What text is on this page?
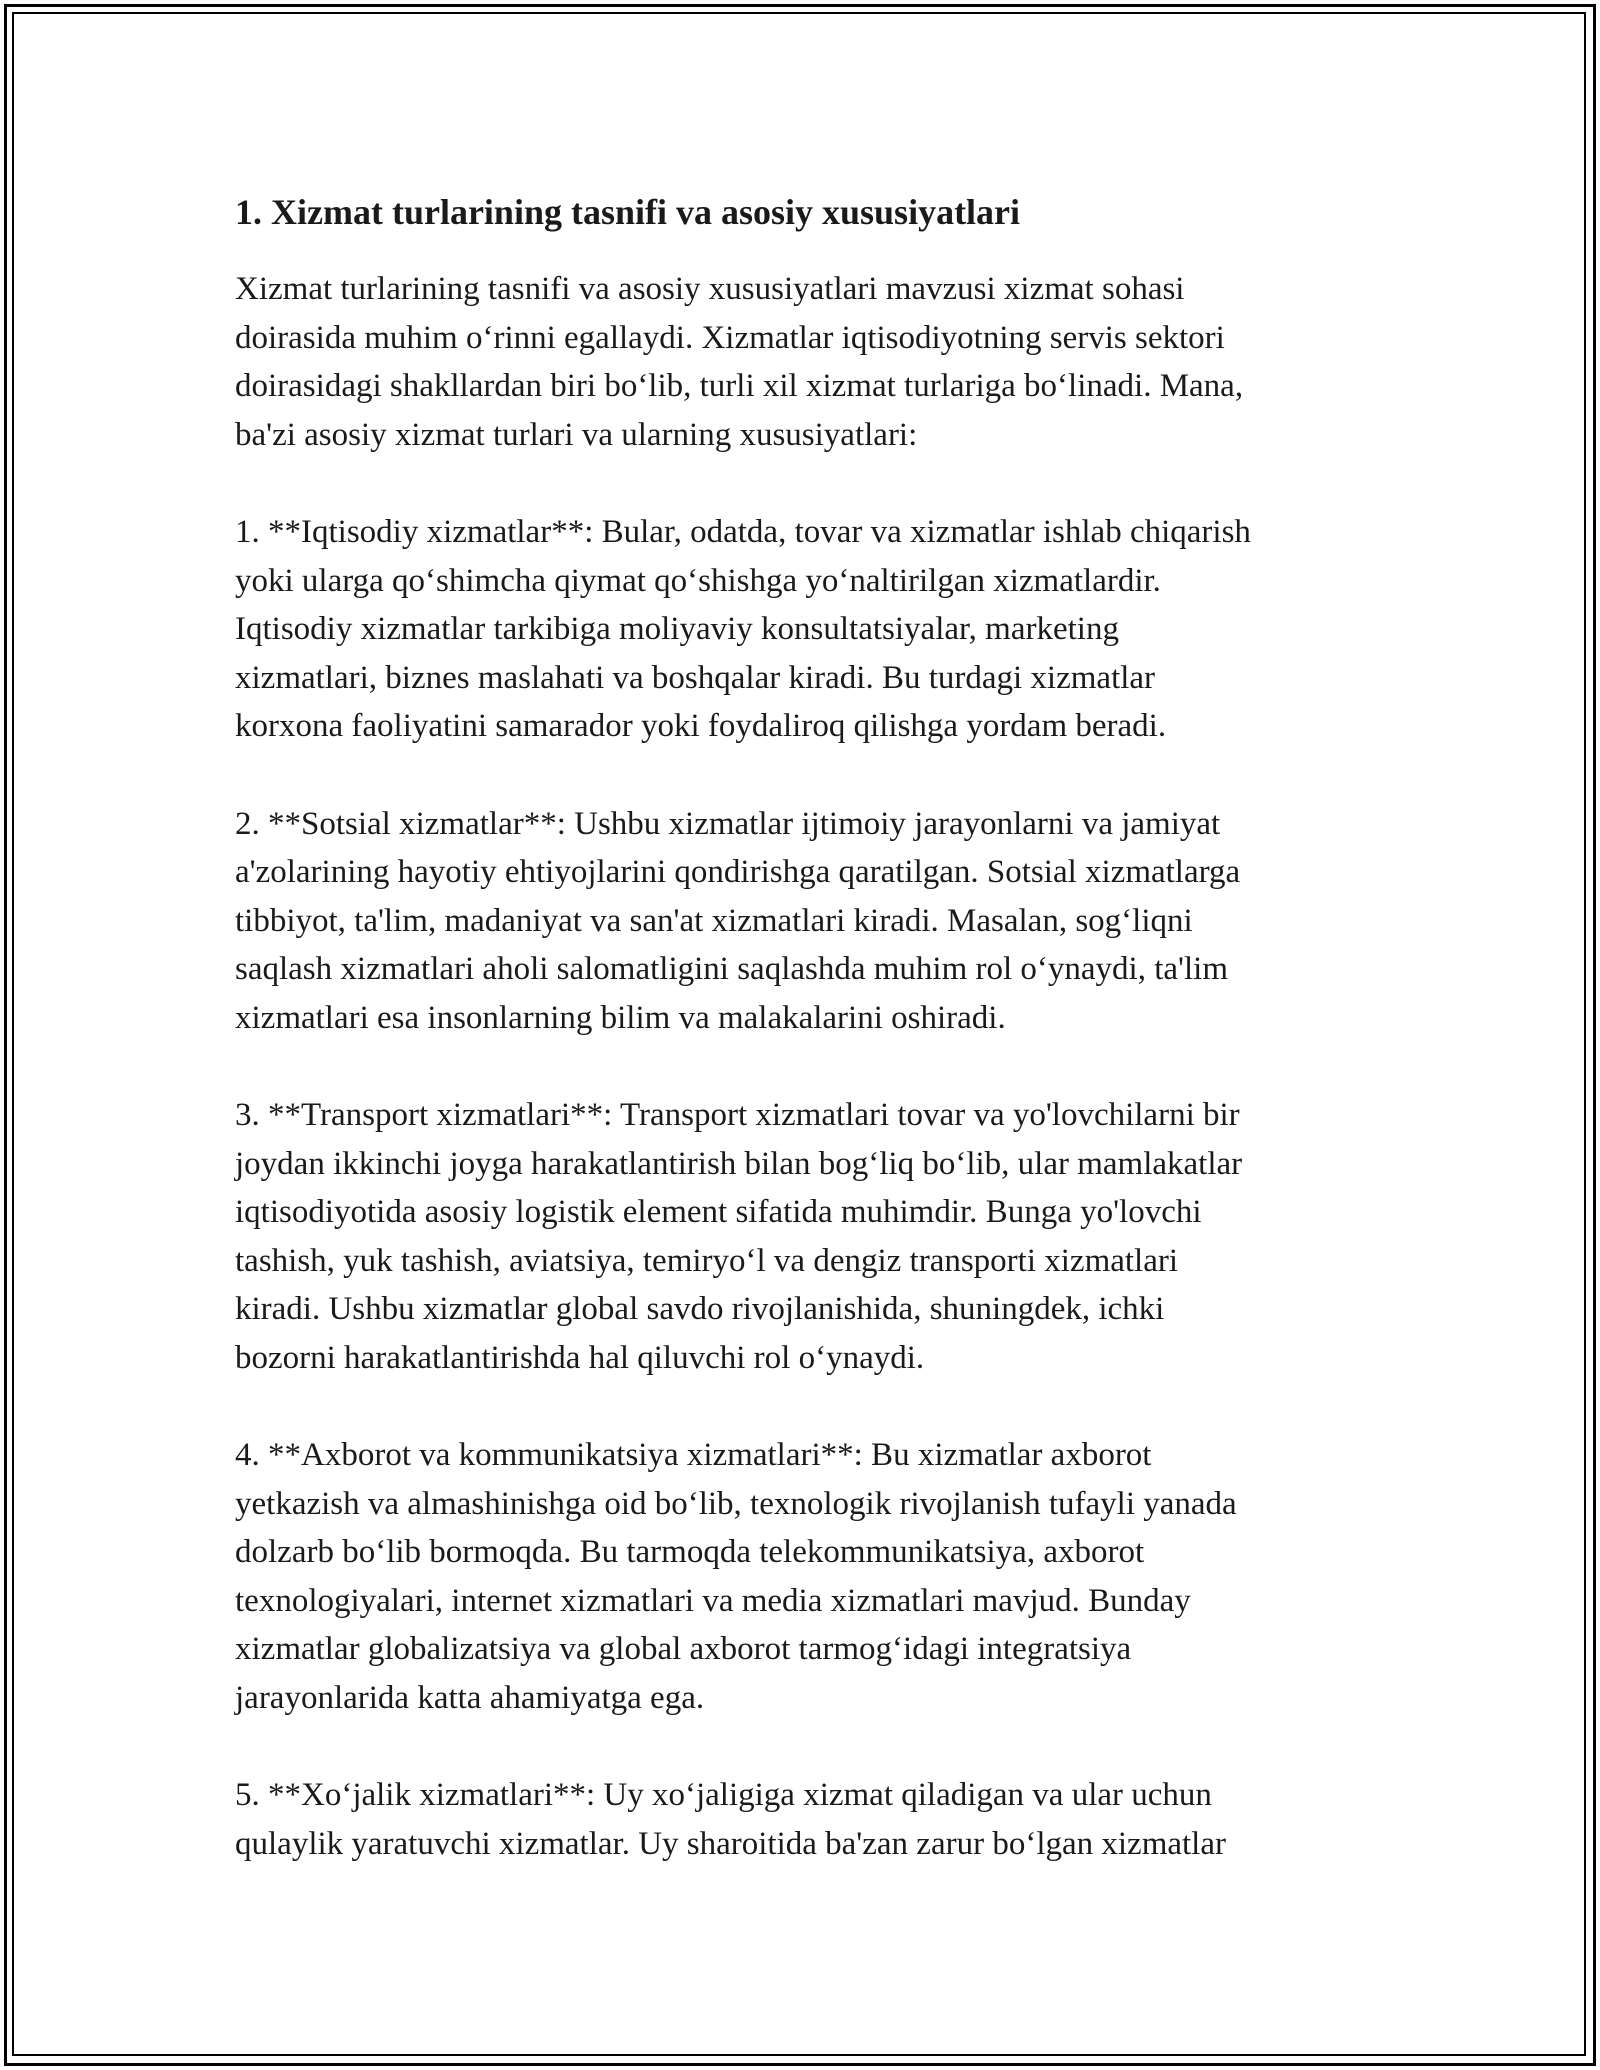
1. Xizmat turlarining tasnifi va asosiy xususiyatlari
Xizmat turlarining tasnifi va asosiy xususiyatlari mavzusi xizmat sohasi
doirasida muhim o‘rinni egallaydi. Xizmatlar iqtisodiyotning servis sektori
doirasidagi shakllardan biri bo‘lib, turli xil xizmat turlariga bo‘linadi. Mana,
ba'zi asosiy xizmat turlari va ularning xususiyatlari:
1. **Iqtisodiy xizmatlar**: Bular, odatda, tovar va xizmatlar ishlab chiqarish
yoki ularga qo‘shimcha qiymat qo‘shishga yo‘naltirilgan xizmatlardir.
Iqtisodiy xizmatlar tarkibiga moliyaviy konsultatsiyalar, marketing
xizmatlari, biznes maslahati va boshqalar kiradi. Bu turdagi xizmatlar
korxona faoliyatini samarador yoki foydaliroq qilishga yordam beradi.
2. **Sotsial xizmatlar**: Ushbu xizmatlar ijtimoiy jarayonlarni va jamiyat
a'zolarining hayotiy ehtiyojlarini qondirishga qaratilgan. Sotsial xizmatlarga
tibbiyot, ta'lim, madaniyat va san'at xizmatlari kiradi. Masalan, sog‘liqni
saqlash xizmatlari aholi salomatligini saqlashda muhim rol o‘ynaydi, ta'lim
xizmatlari esa insonlarning bilim va malakalarini oshiradi.
3. **Transport xizmatlari**: Transport xizmatlari tovar va yo'lovchilarni bir
joydan ikkinchi joyga harakatlantirish bilan bog‘liq bo‘lib, ular mamlakatlar
iqtisodiyotida asosiy logistik element sifatida muhimdir. Bunga yo'lovchi
tashish, yuk tashish, aviatsiya, temiryo‘l va dengiz transporti xizmatlari
kiradi. Ushbu xizmatlar global savdo rivojlanishida, shuningdek, ichki
bozorni harakatlantirishda hal qiluvchi rol o‘ynaydi.
4. **Axborot va kommunikatsiya xizmatlari**: Bu xizmatlar axborot
yetkazish va almashinishga oid bo‘lib, texnologik rivojlanish tufayli yanada
dolzarb bo‘lib bormoqda. Bu tarmoqda telekommunikatsiya, axborot
texnologiyalari, internet xizmatlari va media xizmatlari mavjud. Bunday
xizmatlar globalizatsiya va global axborot tarmog‘idagi integratsiya
jarayonlarida katta ahamiyatga ega.
5. **Xo‘jalik xizmatlari**: Uy xo‘jaligiga xizmat qiladigan va ular uchun
qulaylik yaratuvchi xizmatlar. Uy sharoitida ba'zan zarur bo‘lgan xizmatlar
